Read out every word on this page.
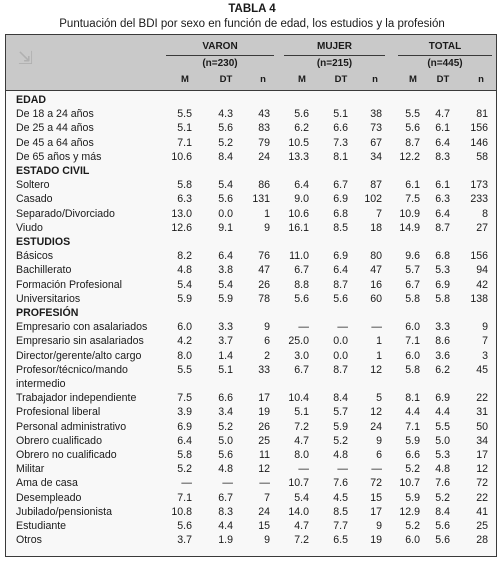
TABLA 4
Puntuación del BDI por sexo en función de edad, los estudios y la profesión
⇲
VARON
(n=230)
MUJER
(n=215)
TOTAL
(n=445)
M	DT	n	M	DT	n	M	DT	n
EDAD
De 18 a 24 años	5.5 4.3 43 5.6 5.1 38 5.5 4.7 81
De 25 a 44 años	5.1 5.6 83 6.2 6.6 73 5.6 6.1 156
De 45 a 64 años	7.1 5.2 79 10.5 7.3 67 8.7 6.4 146
De 65 años y más	10.6 8.4 24 13.3 8.1 34 12.2 8.3 58
ESTADO CIVIL
Soltero	5.8 5.4 86 6.4 6.7 87 6.1 6.1 173
Casado	6.3 5.6 131 9.0 6.9 102 7.5 6.3 233
Separado/Divorciado	13.0 0.0	1 10.6 6.8	7 10.9 6.4	8
Viudo	12.6 9.1	9 16.1 8.5 18 14.9 8.7 27
ESTUDIOS
Básicos	8.2 6.4 76 11.0 6.9 80 9.6 6.8 156
Bachillerato	4.8 3.8 47 6.7 6.4 47 5.7 5.3 94
Formación Profesional	5.4 5.4 26 8.8 8.7 16 6.7 6.9 42
Universitarios	5.9 5.9 78 5.6 5.6 60 5.8 5.8 138
PROFESIÓN
Empresario con asalariados	6.0 3.3	9	—	— — 6.0 3.3	9
Empresario sin asalariados	4.2 3.7	6 25.0 0.0	1 7.1 8.6	7
Director/gerente/alto cargo	8.0 1.4	2 3.0 0.0	1 6.0 3.6	3
Profesor/técnico/mando	5.5 5.1 33 6.7 8.7 12 5.8 6.2 45
intermedio
Trabajador independiente	7.5 6.6 17 10.4 8.4	5 8.1 6.9 22
Profesional liberal	3.9 3.4 19 5.1 5.7 12 4.4 4.4 31
Personal administrativo	6.9 5.2 26 7.2 5.9 24 7.1 5.5 50
Obrero cualificado	6.4 5.0 25 4.7 5.2	9 5.9 5.0 34
Obrero no cualificado	5.8 5.6 11 8.0 4.8	6 6.6 5.3 17
Militar	5.2 4.8 12	—	— — 5.2 4.8 12
Ama de casa	—	— — 10.7 7.6 72 10.7 7.6 72
Desempleado	7.1 6.7	7 5.4 4.5 15 5.9 5.2 22
Jubilado/pensionista	10.8 8.3 24 14.0 8.5 17 12.9 8.4 41
Estudiante	5.6 4.4 15 4.7 7.7	9 5.2 5.6 25
Otros	3.7 1.9	9 7.2 6.5 19 6.0 5.6 28
